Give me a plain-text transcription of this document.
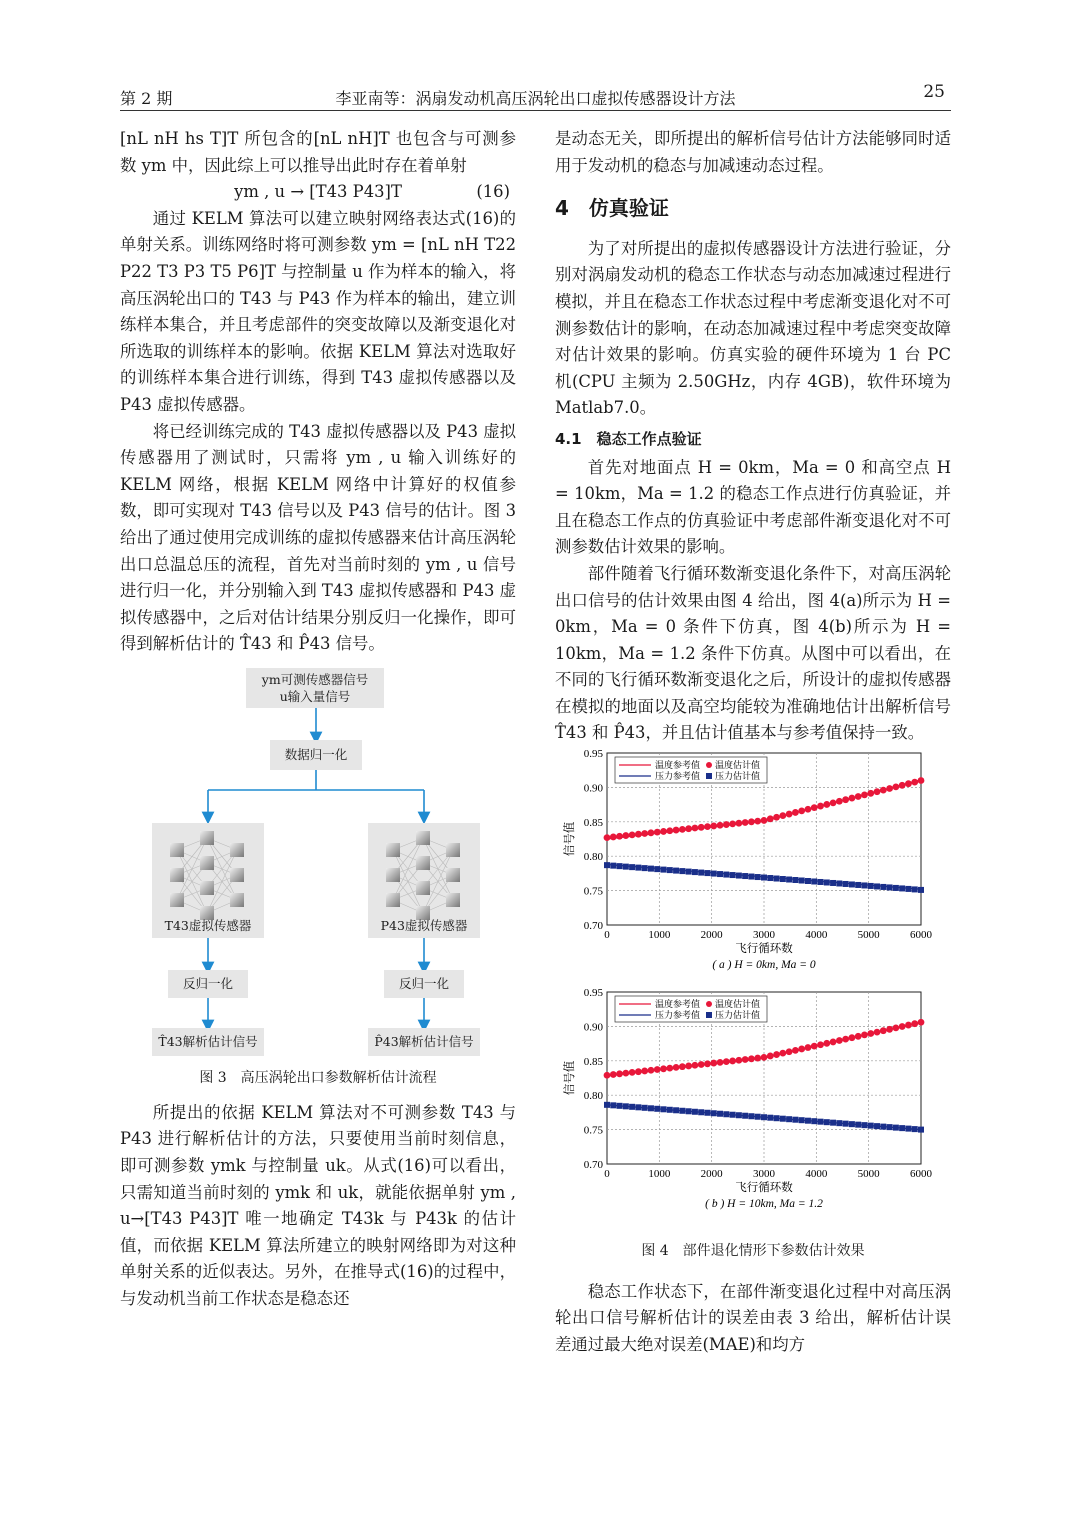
第 2 期	李亚南等：涡扇发动机高压涡轮出口虚拟传感器设计方法	25

[nL nH hs T]T 所包含的[nL nH]T 也包含与可测参数 ym 中，因此综上可以推导出此时存在着单射

ym , u → [T43 P43]T	(16)

通过 KELM 算法可以建立映射网络表达式(16)的单射关系。训练网络时将可测参数 ym = [nL nH T22 P22 T3 P3 T5 P6]T 与控制量 u 作为样本的输入，将高压涡轮出口的 T43 与 P43 作为样本的输出，建立训练样本集合，并且考虑部件的突变故障以及渐变退化对所选取的训练样本的影响。依据 KELM 算法对选取好的训练样本集合进行训练，得到 T43 虚拟传感器以及 P43 虚拟传感器。

将已经训练完成的 T43 虚拟传感器以及 P43 虚拟传感器用了测试时，只需将 ym , u 输入训练好的 KELM 网络，根据 KELM 网络中计算好的权值参数，即可实现对 T43 信号以及 P43 信号的估计。图 3 给出了通过使用完成训练的虚拟传感器来估计高压涡轮出口总温总压的流程，首先对当前时刻的 ym , u 信号进行归一化，并分别输入到 T43 虚拟传感器和 P43 虚拟传感器中，之后对估计结果分别反归一化操作，即可得到解析估计的 T̂43 和 P̂43 信号。

ym可测传感器信号
u输入量信号
数据归一化
T43虚拟传感器	P43虚拟传感器
反归一化	反归一化
T̂43解析估计信号	P̂43解析估计信号
图 3　高压涡轮出口参数解析估计流程

所提出的依据 KELM 算法对不可测参数 T43 与 P43 进行解析估计的方法，只要使用当前时刻信息，即可测参数 ymk 与控制量 uk。从式(16)可以看出，只需知道当前时刻的 ymk 和 uk，就能依据单射 ym , u→[T43 P43]T 唯一地确定 T43k 与 P43k 的估计值，而依据 KELM 算法所建立的映射网络即为对这种单射关系的近似表达。另外，在推导式(16)的过程中，与发动机当前工作状态是稳态还

是动态无关，即所提出的解析信号估计方法能够同时适用于发动机的稳态与加减速动态过程。

4　仿真验证

为了对所提出的虚拟传感器设计方法进行验证，分别对涡扇发动机的稳态工作状态与动态加减速过程进行模拟，并且在稳态工作状态过程中考虑渐变退化对不可测参数估计的影响，在动态加减速过程中考虑突变故障对估计效果的影响。仿真实验的硬件环境为 1 台 PC 机(CPU 主频为 2.50GHz，内存 4GB)，软件环境为 Matlab7.0。

4.1　稳态工作点验证

首先对地面点 H = 0km，Ma = 0 和高空点 H = 10km，Ma = 1.2 的稳态工作点进行仿真验证，并且在稳态工作点的仿真验证中考虑部件渐变退化对不可测参数估计效果的影响。

部件随着飞行循环数渐变退化条件下，对高压涡轮出口信号的估计效果由图 4 给出，图 4(a)所示为 H = 0km，Ma = 0 条件下仿真，图 4(b)所示为 H = 10km，Ma = 1.2 条件下仿真。从图中可以看出，在不同的飞行循环数渐变退化之后，所设计的虚拟传感器在模拟的地面以及高空均能较为准确地估计出解析信号 T̂43 和 P̂43，并且估计值基本与参考值保持一致。

0	1000	2000	3000	4000	5000	6000
0.70
0.75
0.80
0.85
0.90
0.95
飞行循环数
信号值
( a ) H = 0km, Ma = 0
温度参考值 温度估计值
压力参考值 压力估计值
0	1000	2000	3000	4000	5000	6000
0.70
0.75
0.80
0.85
0.90
0.95
飞行循环数
信号值
( b ) H = 10km, Ma = 1.2
温度参考值 温度估计值
压力参考值 压力估计值
图 4　部件退化情形下参数估计效果

稳态工作状态下，在部件渐变退化过程中对高压涡轮出口信号解析估计的误差由表 3 给出，解析估计误差通过最大绝对误差(MAE)和均方
